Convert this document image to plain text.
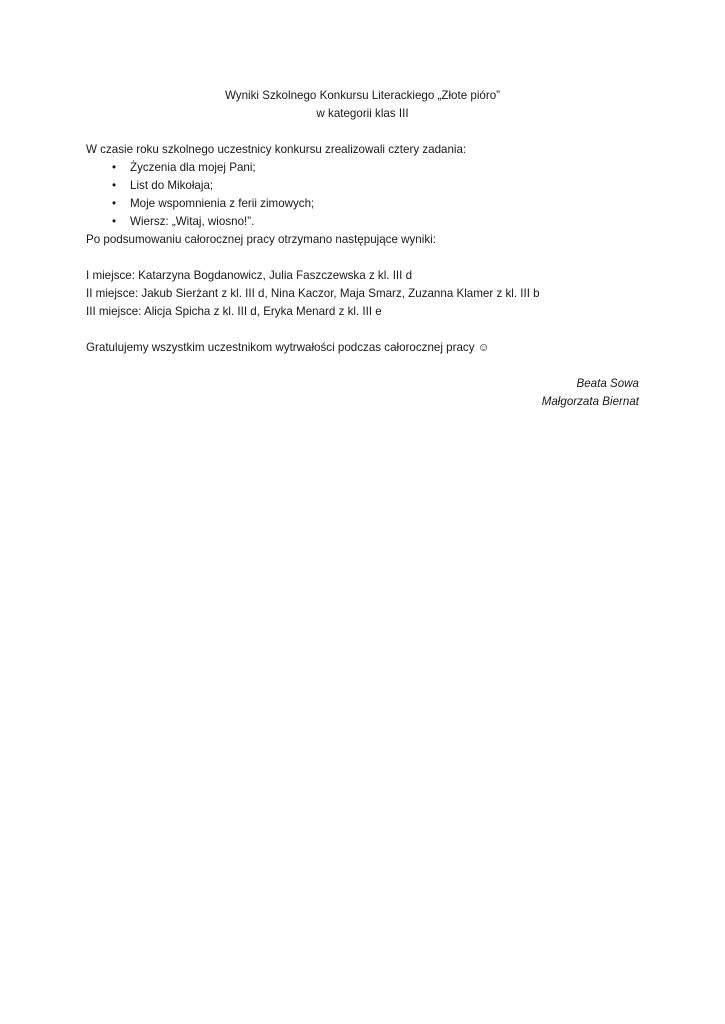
Wyniki Szkolnego Konkursu Literackiego „Złote pióro”
w kategorii klas III
W czasie roku szkolnego uczestnicy konkursu zrealizowali cztery zadania:
•	Życzenia dla mojej Pani;
•	List do Mikołaja;
•	Moje wspomnienia z ferii zimowych;
•	Wiersz: „Witaj, wiosno!”.
Po podsumowaniu całorocznej pracy otrzymano następujące wyniki:
I miejsce: Katarzyna Bogdanowicz, Julia Faszczewska z kl. III d
II miejsce: Jakub Sierżant z kl. III d, Nina Kaczor, Maja Smarz, Zuzanna Klamer z kl. III b
III miejsce: Alicja Spicha z kl. III d, Eryka Menard z kl. III e
Gratulujemy wszystkim uczestnikom wytrwałości podczas całorocznej pracy ☺
Beata Sowa
Małgorzata Biernat
